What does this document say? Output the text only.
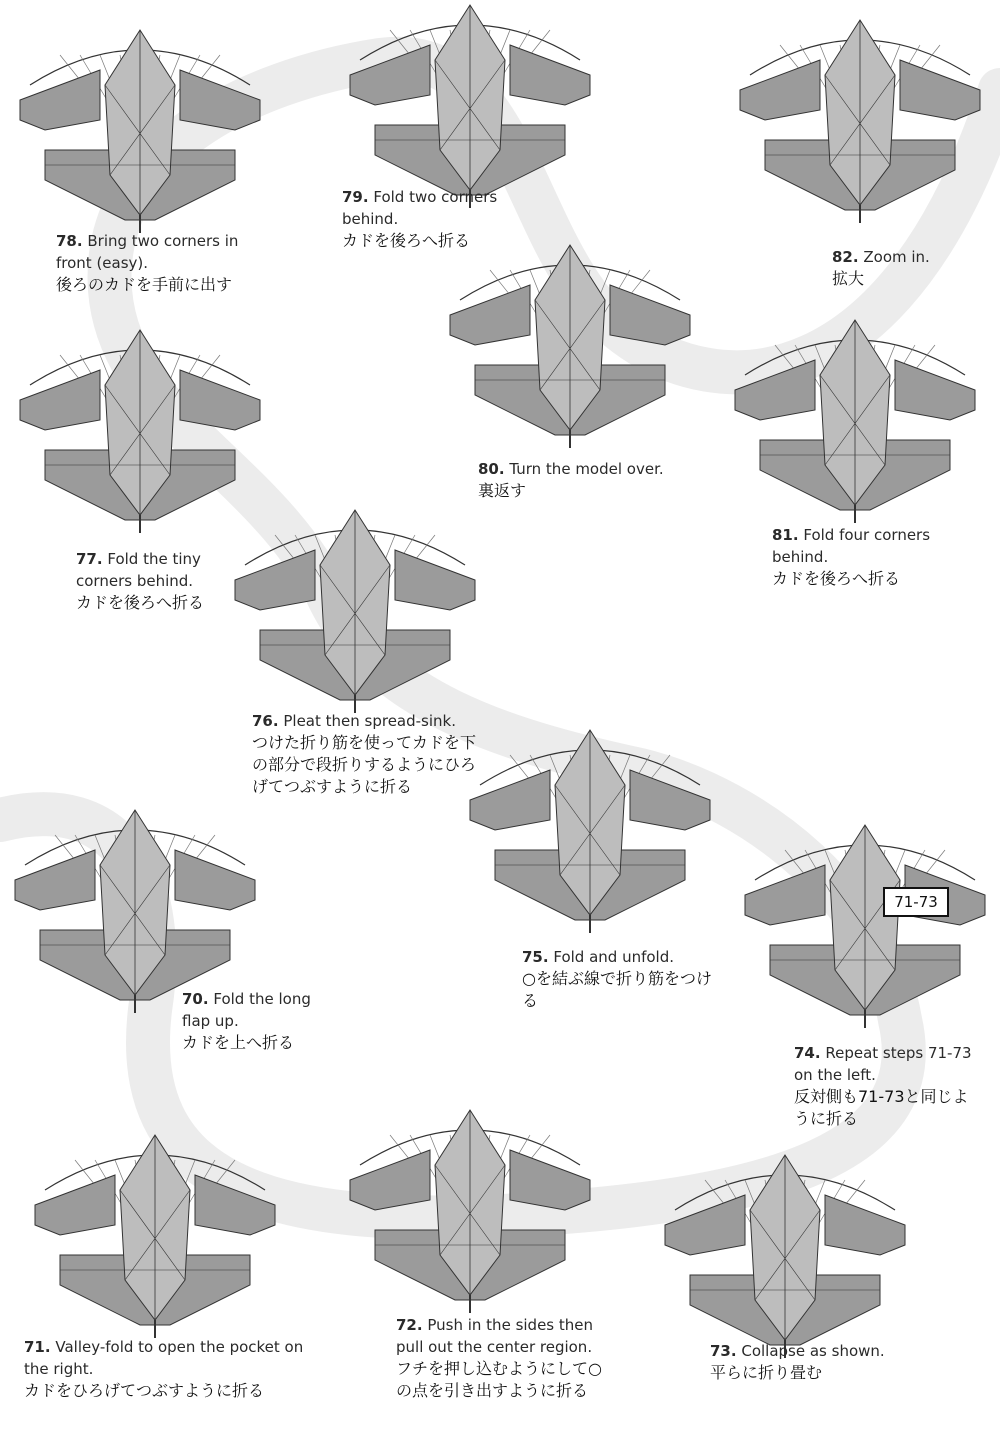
78. Bring two corners in front (easy).
後ろのカドを手前に出す
79. Fold two corners behind.
カドを後ろへ折る
82. Zoom in.
拡大
80. Turn the model over.
裏返す
81. Fold four corners behind.
カドを後ろへ折る
77. Fold the tiny corners behind.
カドを後ろへ折る
76. Pleat then spread-sink.
つけた折り筋を使ってカドを下の部分で段折りするようにひろげてつぶすように折る
75. Fold and unfold.
○を結ぶ線で折り筋をつける
70. Fold the long flap up.
カドを上へ折る
74. Repeat steps 71-73 on the left.
反対側も71-73と同じように折る
71. Valley-fold to open the pocket on the right.
カドをひろげてつぶすように折る
72. Push in the sides then pull out the center region.
フチを押し込むようにして○の点を引き出すように折る
73. Collapse as shown.
平らに折り畳む
71-73
